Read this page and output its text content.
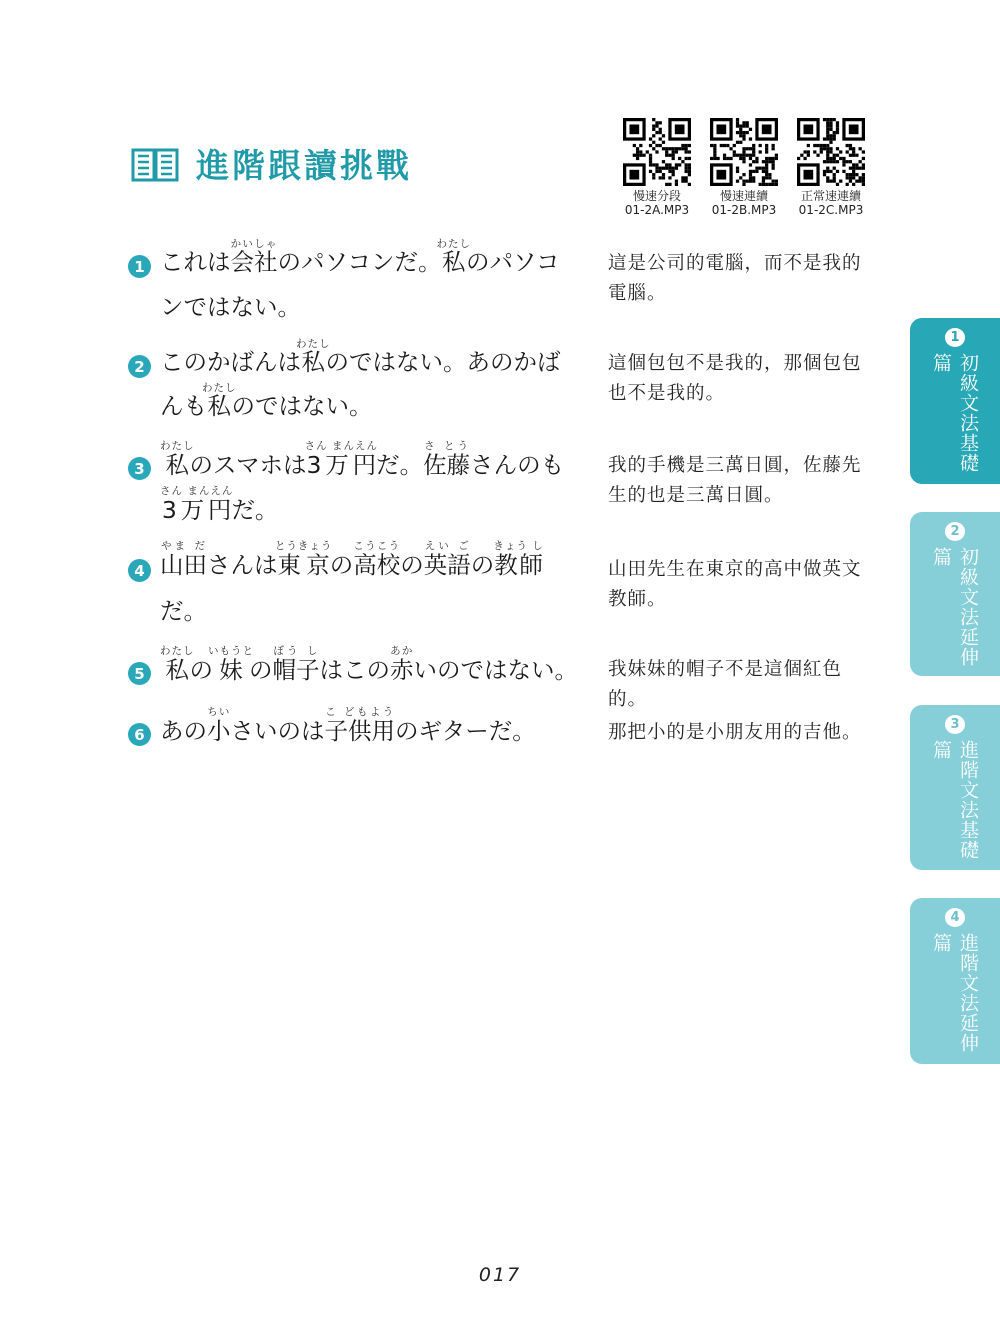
進階跟讀挑戰
慢速分段
01-2A.MP3
慢速連續
01-2B.MP3
正常速連續
01-2C.MP3
1 これは会社かいしゃのパソコンだ。私わたしのパソコ
ンではない。
這是公司的電腦，而不是我的電腦。
2 このかばんは私わたしのではない。あのかば
んも私わたしのではない。
這個包包不是我的，那個包包也不是我的。
3 私わたしのスマホは3万円さん まんえんだ。佐藤さ とうさんのも
3万円さん まんえんだ。
我的手機是三萬日圓，佐藤先生的也是三萬日圓。
4 山田やま ださんは東京とうきょうの高校こうこうの英語えい ごの教師きょう し
だ。
山田先生在東京的高中做英文教師。
5 私わたしの妹いもうとの帽子ぼう しはこの赤あかいのではない。 我妹妹的帽子不是這個紅色的。
6 あの小ちいさいのは子供用こ どもようのギターだ。	那把小的是小朋友用的吉他。
1
初級文法基礎篇
2
初級文法延伸篇
3
進階文法基礎篇
4
進階文法延伸篇
017
